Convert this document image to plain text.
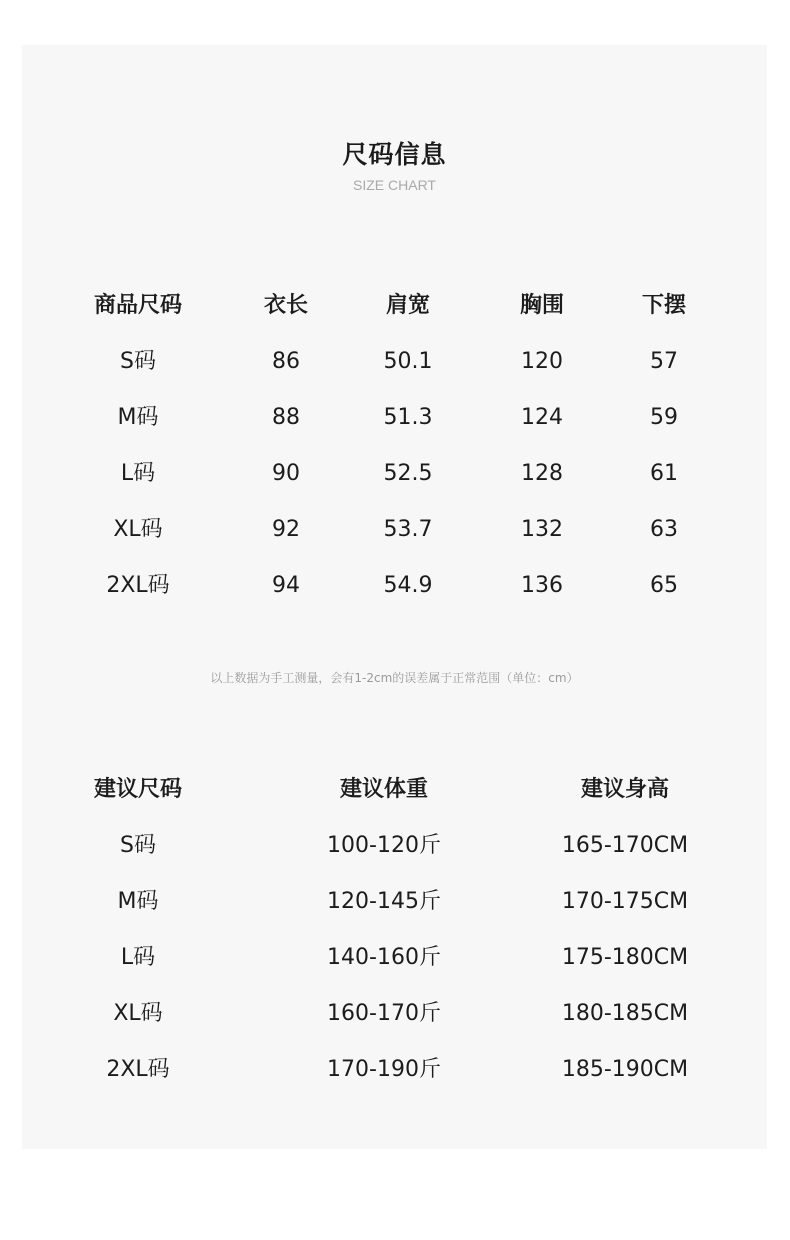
尺码信息
SIZE CHART
商品尺码	衣长	肩宽	胸围	下摆
S码	86	50.1	120	57
M码	88	51.3	124	59
L码	90	52.5	128	61
XL码	92	53.7	132	63
2XL码	94	54.9	136	65
以上数据为手工测量，会有1-2cm的误差属于正常范围（单位：cm）
建议尺码	建议体重	建议身高
S码	100-120斤	165-170CM
M码	120-145斤	170-175CM
L码	140-160斤	175-180CM
XL码	160-170斤	180-185CM
2XL码	170-190斤	185-190CM
